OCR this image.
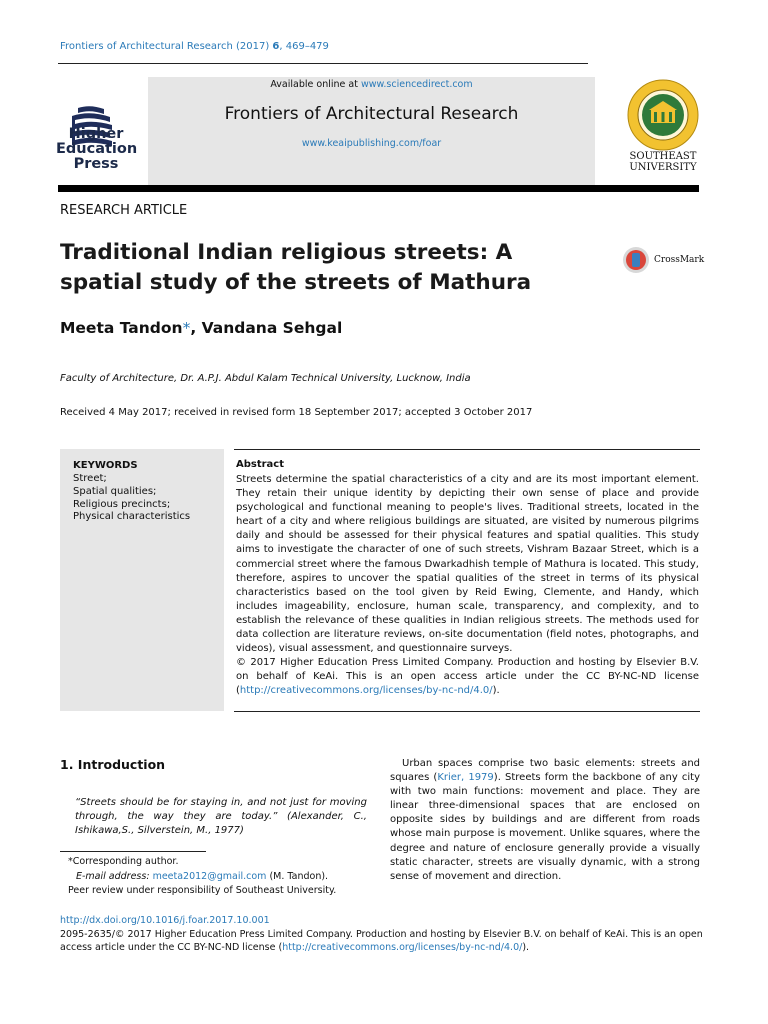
Frontiers of Architectural Research (2017) 6, 469–479
Higher Education Press
Available online at www.sciencedirect.com
Frontiers of Architectural Research
www.keaipublishing.com/foar
SOUTHEAST UNIVERSITY
RESEARCH ARTICLE
Traditional Indian religious streets: A spatial study of the streets of Mathura
CrossMark
Meeta Tandon*, Vandana Sehgal
Faculty of Architecture, Dr. A.P.J. Abdul Kalam Technical University, Lucknow, India
Received 4 May 2017; received in revised form 18 September 2017; accepted 3 October 2017
KEYWORDS
Street;
Spatial qualities;
Religious precincts;
Physical characteristics
Abstract
Streets determine the spatial characteristics of a city and are its most important element. They retain their unique identity by depicting their own sense of place and provide psychological and functional meaning to people's lives. Traditional streets, located in the heart of a city and where religious buildings are situated, are visited by numerous pilgrims daily and should be assessed for their physical features and spatial qualities. This study aims to investigate the character of one of such streets, Vishram Bazaar Street, which is a commercial street where the famous Dwarkadhish temple of Mathura is located. This study, therefore, aspires to uncover the spatial qualities of the street in terms of its physical characteristics based on the tool given by Reid Ewing, Clemente, and Handy, which includes imageability, enclosure, human scale, transparency, and complexity, and to establish the relevance of these qualities in Indian religious streets. The methods used for data collection are literature reviews, on-site documentation (field notes, photographs, and videos), visual assessment, and questionnaire surveys.
© 2017 Higher Education Press Limited Company. Production and hosting by Elsevier B.V. on behalf of KeAi. This is an open access article under the CC BY-NC-ND license (http://creativecommons.org/licenses/by-nc-nd/4.0/).
1. Introduction
“Streets should be for staying in, and not just for moving through, the way they are today.” (Alexander, C., Ishikawa,S., Silverstein, M., 1977)
Urban spaces comprise two basic elements: streets and squares (Krier, 1979). Streets form the backbone of any city with two main functions: movement and place. They are linear three-dimensional spaces that are enclosed on opposite sides by buildings and are different from roads whose main purpose is movement. Unlike squares, where the degree and nature of enclosure generally provide a visually static character, streets are visually dynamic, with a strong sense of movement and direction.
*Corresponding author.
E-mail address: meeta2012@gmail.com (M. Tandon).
Peer review under responsibility of Southeast University.
http://dx.doi.org/10.1016/j.foar.2017.10.001
2095-2635/© 2017 Higher Education Press Limited Company. Production and hosting by Elsevier B.V. on behalf of KeAi. This is an open access article under the CC BY-NC-ND license (http://creativecommons.org/licenses/by-nc-nd/4.0/).
